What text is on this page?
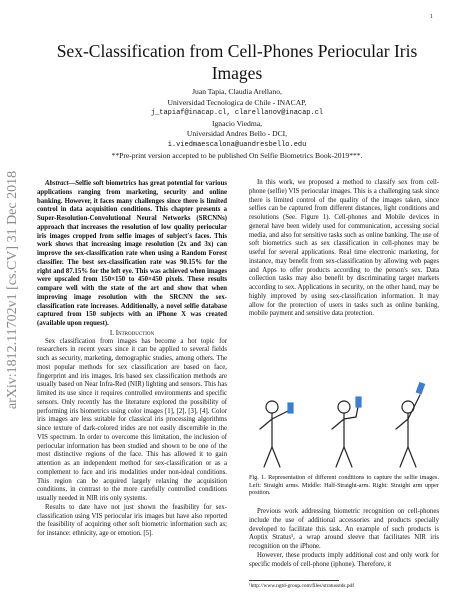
1
arXiv:1812.11702v1 [cs.CV] 31 Dec 2018
Sex-Classification from Cell-Phones Periocular Iris Images
Juan Tapia, Claudia Arellano,
Universidad Tecnologica de Chile - INACAP,
j_tapiaf@inacap.cl, clarellanov@inacap.cl
Ignacio Viedma,
Universidad Andres Bello - DCI,
i.viedmaescalona@uandresbello.edu
**Pre-print version accepted to be published On Selfie Biometrics Book-2019***.

Abstract—Selfie soft biometrics has great potential for various applications ranging from marketing, security and online banking. However, it faces many challenges since there is limited control in data acquisition conditions. This chapter presents a Super-Resolution-Convolutional Neural Networks (SRCNNs) approach that increases the resolution of low quality periocular iris images cropped from selfie images of subject's faces. This work shows that increasing image resolution (2x and 3x) can improve the sex-classification rate when using a Random Forest classifier. The best sex-classification rate was 90.15% for the right and 87.15% for the left eye. This was achieved when images were upscaled from 150×150 to 450×450 pixels. These results compare well with the state of the art and show that when improving image resolution with the SRCNN the sex-classification rate increases. Additionally, a novel selfie database captured from 150 subjects with an iPhone X was created (available upon request).

I. Introduction

Sex classification from images has become a hot topic for researchers in recent years since it can be applied to several fields such as security, marketing, demographic studies, among others. The most popular methods for sex classification are based on face, fingerprint and iris images. Iris based sex classification methods are usually based on Near Infra-Red (NIR) lighting and sensors. This has limited its use since it requires controlled environments and specific sensors. Only recently has the literature explored the possibility of performing iris biometrics using color images [1], [2], [3], [4]. Color iris images are less suitable for classical iris processing algorithms since texture of dark-colored irides are not easily discernible in the VIS spectrum. In order to overcome this limitation, the inclusion of periocular information has been studied and shown to be one of the most distinctive regions of the face. This has allowed it to gain attention as an independent method for sex-classification or as a complement to face and iris modalities under non-ideal conditions. This region can be acquired largely relaxing the acquisition conditions, in contrast to the more carefully controlled conditions usually needed in NIR iris only systems.

Results to date have not just shown the feasibility for sex-classification using VIS periocular iris images but have also reported the feasibility of acquiring other soft biometric information such as; for instance: ethnicity, age or emotion. [5].

In this work, we proposed a method to classify sex from cell-phone (selfie) VIS periocular images. This is a challenging task since there is limited control of the quality of the images taken, since selfies can be captured from different distances, light conditions and resolutions (See. Figure 1). Cell-phones and Mobile devices in general have been widely used for communication, accessing social media, and also for sensitive tasks such as online banking. The use of soft biometrics such as sex classification in cell-phones may be useful for several applications. Real time electronic marketing, for instance, may benefit from sex-classification by allowing web pages and Apps to offer products according to the person's sex. Data collection tasks may also benefit by discriminating target markets according to sex. Applications in security, on the other hand, may be highly improved by using sex-classification information. It may allow for the protection of users in tasks such as online banking, mobile payment and sensitive data protection.

Fig. 1. Representation of different conditions to capture the selfie images. Left: Straight arms. Middle: Half-Straight-arm. Right: Straight arm upper position.

Previous work addressing biometric recognition on cell-phones include the use of additional accessories and products specially developed to facilitate this task. An example of such products is Aoptix Stratus¹, a wrap around sleeve that facilitates NIR iris recognition on the iPhone.

However, these products imply additional cost and only work for specific models of cell-phone (iphone). Therefore, it

¹http://www.ngtd-group.com/files/stratusstds.pdf
